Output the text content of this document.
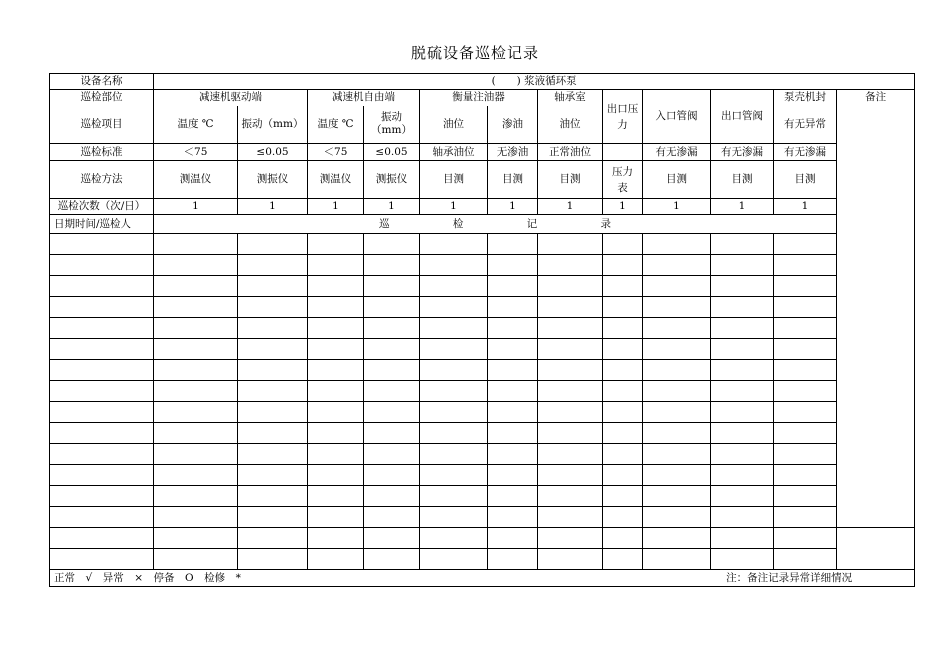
脱硫设备巡检记录
设备名称	(　　) 浆液循环泵											
巡检部位	减速机驱动端		减速机自由端		衡量注油器		轴承室	出口压力	入口管阀	出口管阀	泵壳机封	备注
巡检项目	温度 ℃	振动（mm）	温度 ℃	振动（mm）	油位	渗油	油位				有无异常	
巡检标准	＜75	≤0.05	＜75	≤0.05	轴承油位	无渗油	正常油位		有无渗漏	有无渗漏	有无渗漏	
巡检方法	测温仪	测振仪	测温仪	测振仪	目测	目测	目测	压力表	目测	目测	目测	
巡检次数（次/日）	1	1	1	1	1	1	1	1	1	1	1	
日期时间/巡检人	巡 检 记 录											

正常　√　异常　×　停备　O　检修　* 注：备注记录异常详细情况												
